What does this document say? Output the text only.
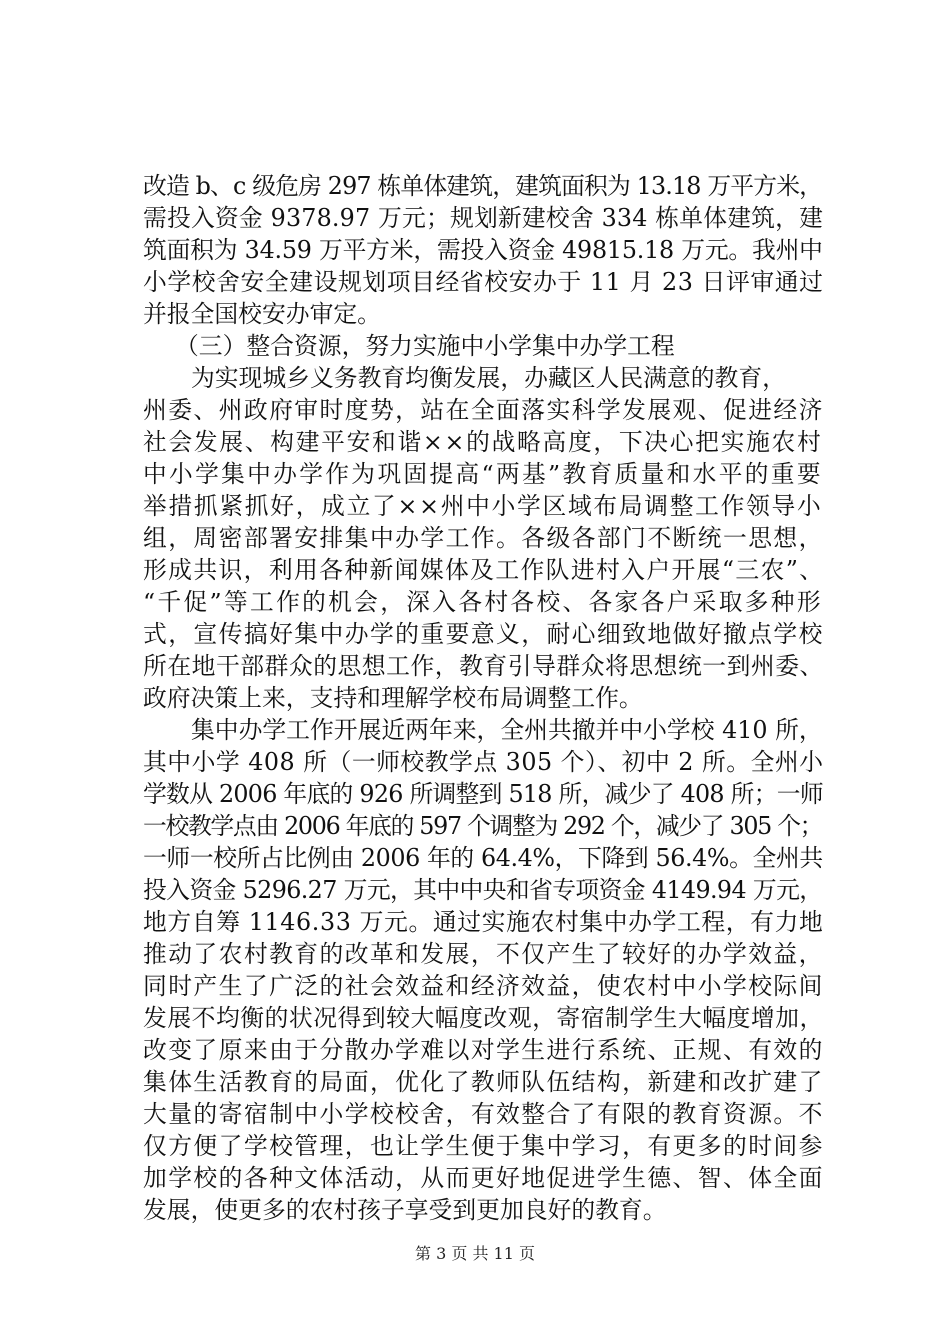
改造 b、c 级危房 297 栋单体建筑，建筑面积为 13.18 万平方米，
需投入资金 9378.97 万元；规划新建校舍 334 栋单体建筑，建
筑面积为 34.59 万平方米，需投入资金 49815.18 万元。我州中
小学校舍安全建设规划项目经省校安办于 11 月 23 日评审通过
并报全国校安办审定。
（三）整合资源，努力实施中小学集中办学工程
为实现城乡义务教育均衡发展，办藏区人民满意的教育，
州委、州政府审时度势，站在全面落实科学发展观、促进经济
社会发展、构建平安和谐××的战略高度，下决心把实施农村
中小学集中办学作为巩固提高“两基”教育质量和水平的重要
举措抓紧抓好，成立了××州中小学区域布局调整工作领导小
组，周密部署安排集中办学工作。各级各部门不断统一思想，
形成共识，利用各种新闻媒体及工作队进村入户开展“三农”、
“千促”等工作的机会，深入各村各校、各家各户采取多种形
式，宣传搞好集中办学的重要意义，耐心细致地做好撤点学校
所在地干部群众的思想工作，教育引导群众将思想统一到州委、
政府决策上来，支持和理解学校布局调整工作。
集中办学工作开展近两年来，全州共撤并中小学校 410 所，
其中小学 408 所（一师校教学点 305 个）、初中 2 所。全州小
学数从 2006 年底的 926 所调整到 518 所，减少了 408 所；一师
一校教学点由 2006 年底的 597 个调整为 292 个，减少了 305 个；
一师一校所占比例由 2006 年的 64.4%，下降到 56.4%。全州共
投入资金 5296.27 万元，其中中央和省专项资金 4149.94 万元，
地方自筹 1146.33 万元。通过实施农村集中办学工程，有力地
推动了农村教育的改革和发展，不仅产生了较好的办学效益，
同时产生了广泛的社会效益和经济效益，使农村中小学校际间
发展不均衡的状况得到较大幅度改观，寄宿制学生大幅度增加，
改变了原来由于分散办学难以对学生进行系统、正规、有效的
集体生活教育的局面，优化了教师队伍结构，新建和改扩建了
大量的寄宿制中小学校校舍，有效整合了有限的教育资源。不
仅方便了学校管理，也让学生便于集中学习，有更多的时间参
加学校的各种文体活动，从而更好地促进学生德、智、体全面
发展，使更多的农村孩子享受到更加良好的教育。
第 3 页 共 11 页
